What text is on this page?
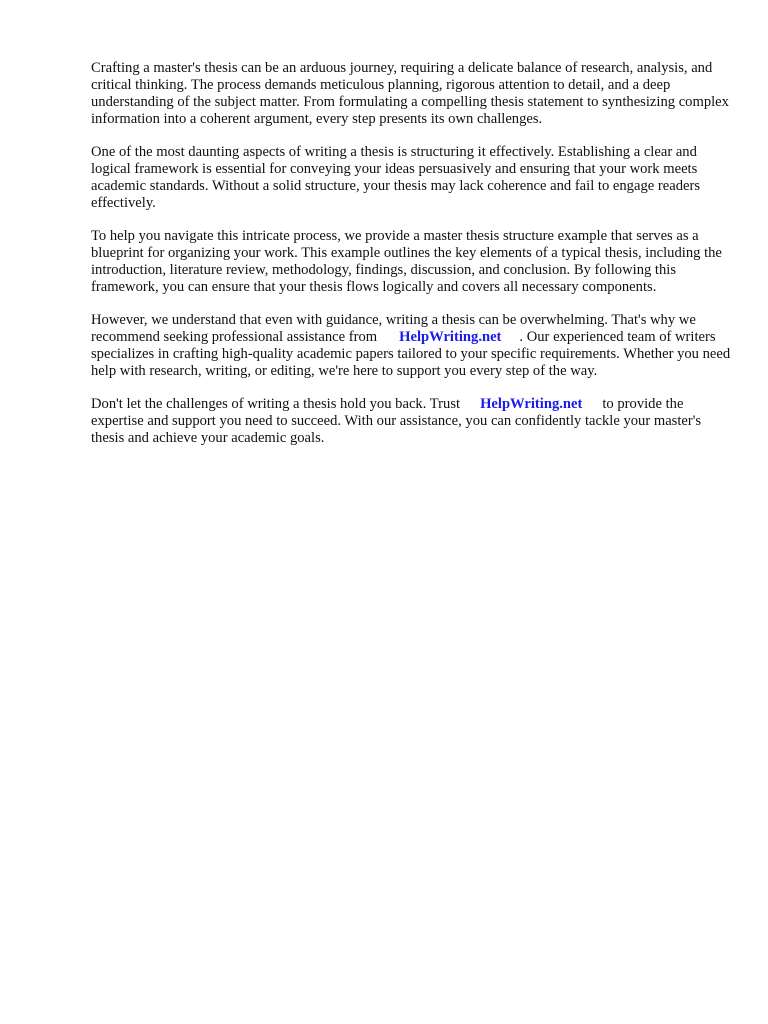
Crafting a master's thesis can be an arduous journey, requiring a delicate balance of research, analysis, and critical thinking. The process demands meticulous planning, rigorous attention to detail, and a deep understanding of the subject matter. From formulating a compelling thesis statement to synthesizing complex information into a coherent argument, every step presents its own challenges.

One of the most daunting aspects of writing a thesis is structuring it effectively. Establishing a clear and logical framework is essential for conveying your ideas persuasively and ensuring that your work meets academic standards. Without a solid structure, your thesis may lack coherence and fail to engage readers effectively.

To help you navigate this intricate process, we provide a master thesis structure example that serves as a blueprint for organizing your work. This example outlines the key elements of a typical thesis, including the introduction, literature review, methodology, findings, discussion, and conclusion. By following this framework, you can ensure that your thesis flows logically and covers all necessary components.

However, we understand that even with guidance, writing a thesis can be overwhelming. That's why we recommend seeking professional assistance from HelpWriting.net . Our experienced team of writers specializes in crafting high-quality academic papers tailored to your specific requirements. Whether you need help with research, writing, or editing, we're here to support you every step of the way.

Don't let the challenges of writing a thesis hold you back. Trust HelpWriting.net to provide the expertise and support you need to succeed. With our assistance, you can confidently tackle your master's thesis and achieve your academic goals.
